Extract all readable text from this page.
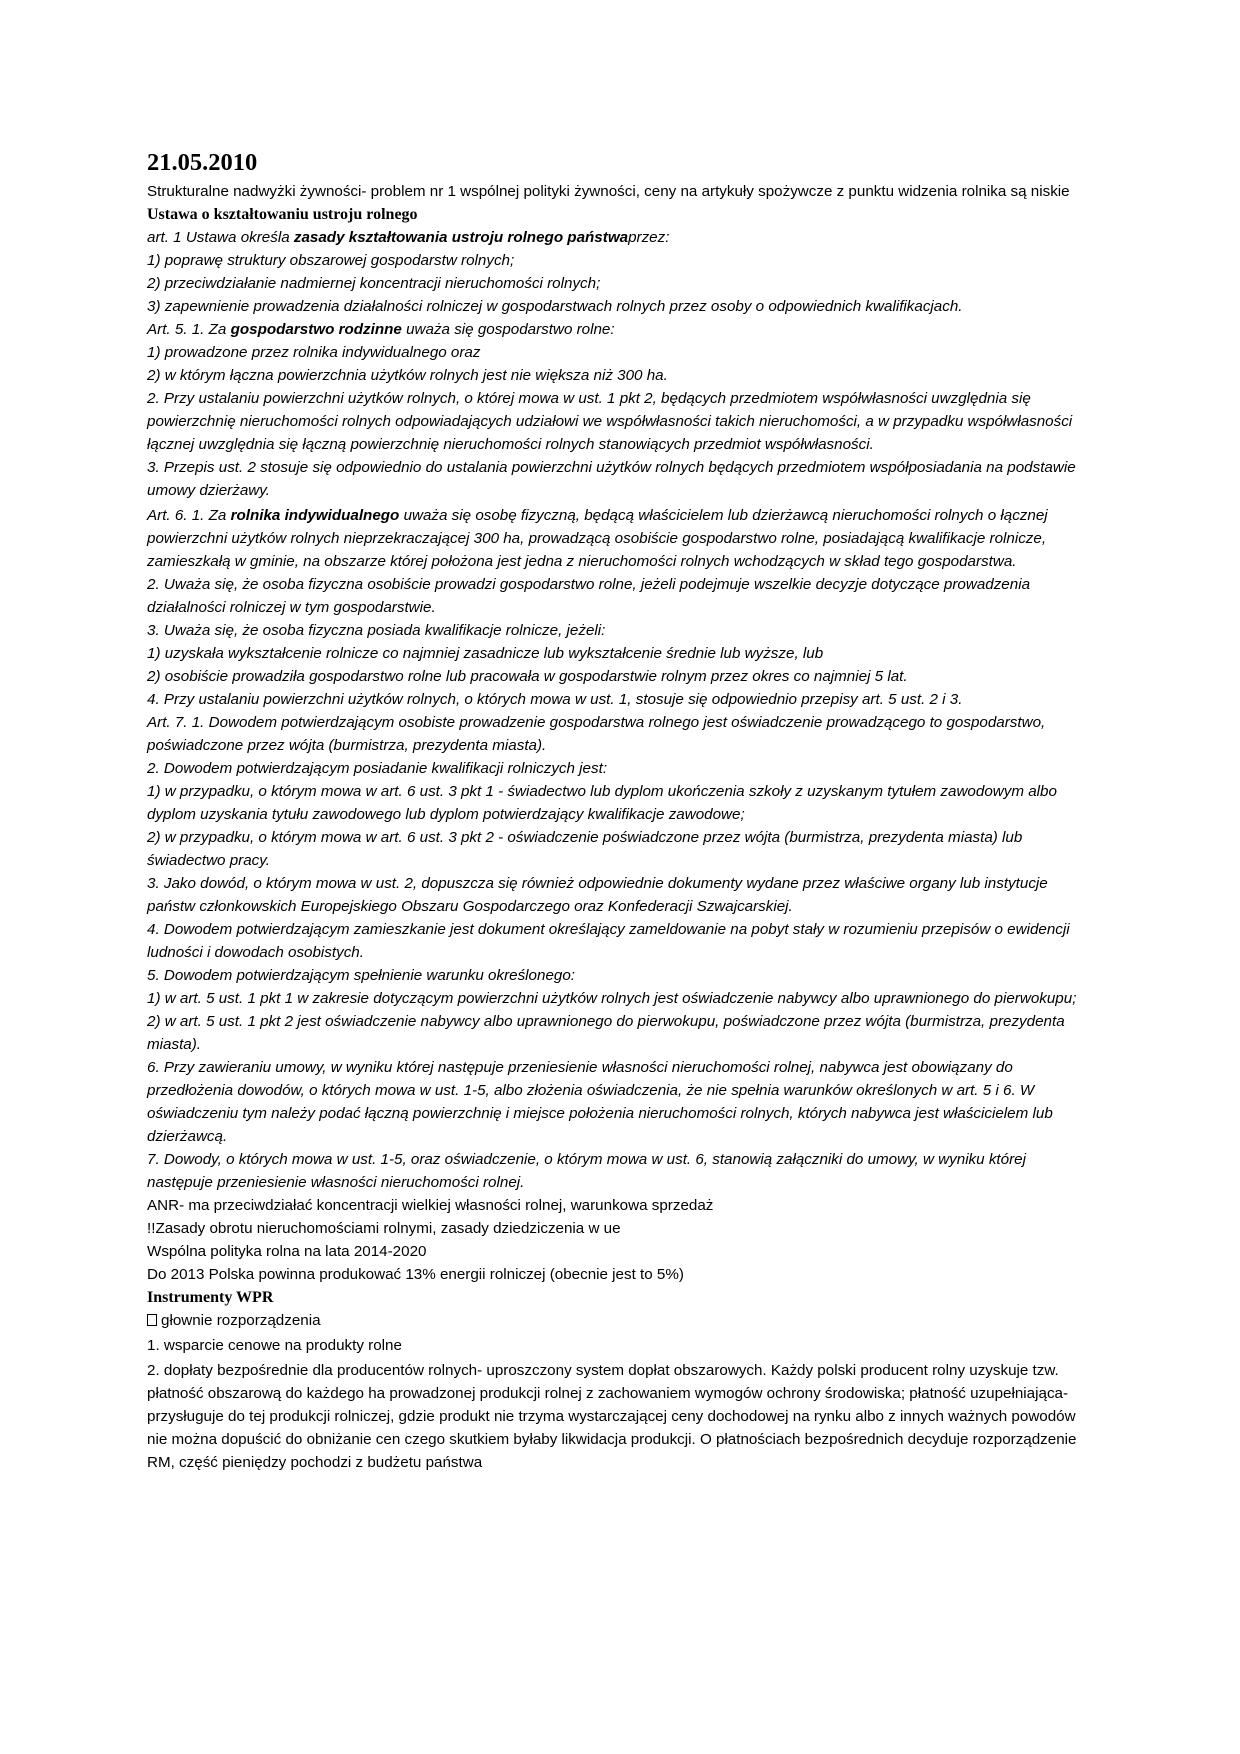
21.05.2010

Strukturalne nadwyżki żywności- problem nr 1 wspólnej polityki żywności, ceny na artykuły spożywcze z punktu widzenia rolnika są niskie

Ustawa o kształtowaniu ustroju rolnego

art. 1 Ustawa określa zasady kształtowania ustroju rolnego państwaprzez:

1) poprawę struktury obszarowej gospodarstw rolnych;

2) przeciwdziałanie nadmiernej koncentracji nieruchomości rolnych;

3) zapewnienie prowadzenia działalności rolniczej w gospodarstwach rolnych przez osoby o odpowiednich kwalifikacjach.

Art. 5. 1. Za gospodarstwo rodzinne uważa się gospodarstwo rolne:

1) prowadzone przez rolnika indywidualnego oraz

2) w którym łączna powierzchnia użytków rolnych jest nie większa niż 300 ha.

2. Przy ustalaniu powierzchni użytków rolnych, o której mowa w ust. 1 pkt 2, będących przedmiotem współwłasności uwzględnia się powierzchnię nieruchomości rolnych odpowiadających udziałowi we współwłasności takich nieruchomości, a w przypadku współwłasności łącznej uwzględnia się łączną powierzchnię nieruchomości rolnych stanowiących przedmiot współwłasności.

3. Przepis ust. 2 stosuje się odpowiednio do ustalania powierzchni użytków rolnych będących przedmiotem współposiadania na podstawie umowy dzierżawy.

Art. 6. 1. Za rolnika indywidualnego uważa się osobę fizyczną, będącą właścicielem lub dzierżawcą nieruchomości rolnych o łącznej powierzchni użytków rolnych nieprzekraczającej 300 ha, prowadzącą osobiście gospodarstwo rolne, posiadającą kwalifikacje rolnicze, zamieszkałą w gminie, na obszarze której położona jest jedna z nieruchomości rolnych wchodzących w skład tego gospodarstwa.

2. Uważa się, że osoba fizyczna osobiście prowadzi gospodarstwo rolne, jeżeli podejmuje wszelkie decyzje dotyczące prowadzenia działalności rolniczej w tym gospodarstwie.

3. Uważa się, że osoba fizyczna posiada kwalifikacje rolnicze, jeżeli:

1) uzyskała wykształcenie rolnicze co najmniej zasadnicze lub wykształcenie średnie lub wyższe, lub

2) osobiście prowadziła gospodarstwo rolne lub pracowała w gospodarstwie rolnym przez okres co najmniej 5 lat.

4. Przy ustalaniu powierzchni użytków rolnych, o których mowa w ust. 1, stosuje się odpowiednio przepisy art. 5 ust. 2 i 3.

Art. 7. 1. Dowodem potwierdzającym osobiste prowadzenie gospodarstwa rolnego jest oświadczenie prowadzącego to gospodarstwo, poświadczone przez wójta (burmistrza, prezydenta miasta).

2. Dowodem potwierdzającym posiadanie kwalifikacji rolniczych jest:

1) w przypadku, o którym mowa w art. 6 ust. 3 pkt 1 - świadectwo lub dyplom ukończenia szkoły z uzyskanym tytułem zawodowym albo dyplom uzyskania tytułu zawodowego lub dyplom potwierdzający kwalifikacje zawodowe;

2) w przypadku, o którym mowa w art. 6 ust. 3 pkt 2 - oświadczenie poświadczone przez wójta (burmistrza, prezydenta miasta) lub świadectwo pracy.

3. Jako dowód, o którym mowa w ust. 2, dopuszcza się również odpowiednie dokumenty wydane przez właściwe organy lub instytucje państw członkowskich Europejskiego Obszaru Gospodarczego oraz Konfederacji Szwajcarskiej.

4. Dowodem potwierdzającym zamieszkanie jest dokument określający zameldowanie na pobyt stały w rozumieniu przepisów o ewidencji ludności i dowodach osobistych.

5. Dowodem potwierdzającym spełnienie warunku określonego:

1) w art. 5 ust. 1 pkt 1 w zakresie dotyczącym powierzchni użytków rolnych jest oświadczenie nabywcy albo uprawnionego do pierwokupu;

2) w art. 5 ust. 1 pkt 2 jest oświadczenie nabywcy albo uprawnionego do pierwokupu, poświadczone przez wójta (burmistrza, prezydenta miasta).

6. Przy zawieraniu umowy, w wyniku której następuje przeniesienie własności nieruchomości rolnej, nabywca jest obowiązany do przedłożenia dowodów, o których mowa w ust. 1-5, albo złożenia oświadczenia, że nie spełnia warunków określonych w art. 5 i 6. W oświadczeniu tym należy podać łączną powierzchnię i miejsce położenia nieruchomości rolnych, których nabywca jest właścicielem lub dzierżawcą.

7. Dowody, o których mowa w ust. 1-5, oraz oświadczenie, o którym mowa w ust. 6, stanowią załączniki do umowy, w wyniku której następuje przeniesienie własności nieruchomości rolnej.

ANR- ma przeciwdziałać koncentracji wielkiej własności rolnej, warunkowa sprzedaż

!!Zasady obrotu nieruchomościami rolnymi, zasady dziedziczenia w ue

Wspólna polityka rolna na lata 2014-2020

Do 2013 Polska powinna produkować 13% energii rolniczej (obecnie jest to 5%)

Instrumenty WPR

głownie rozporządzenia

1. wsparcie cenowe na produkty rolne

2. dopłaty bezpośrednie dla producentów rolnych- uproszczony system dopłat obszarowych. Każdy polski producent rolny uzyskuje tzw. płatność obszarową do każdego ha prowadzonej produkcji rolnej z zachowaniem wymogów ochrony środowiska; płatność uzupełniająca- przysługuje do tej produkcji rolniczej, gdzie produkt nie trzyma wystarczającej ceny dochodowej na rynku albo z innych ważnych powodów nie można dopuścić do obniżanie cen czego skutkiem byłaby likwidacja produkcji. O płatnościach bezpośrednich decyduje rozporządzenie RM, część pieniędzy pochodzi z budżetu państwa
